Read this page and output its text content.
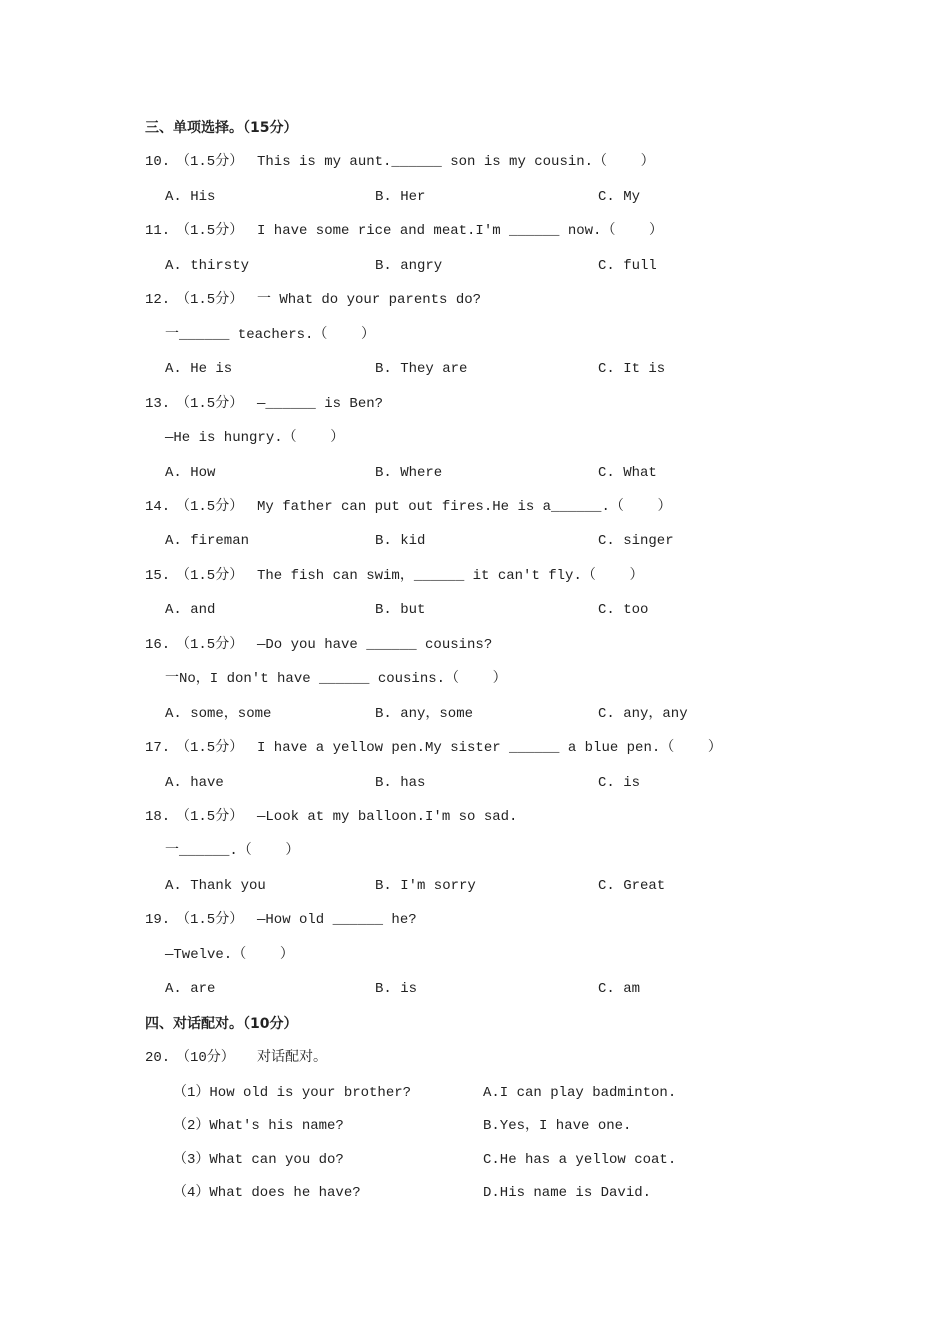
三、单项选择。（15分）
10. （1.5分） This is my aunt.______ son is my cousin.（    ）
A. His	B. Her	C. My
11. （1.5分） I have some rice and meat.I'm ______ now.（    ）
A. thirsty	B. angry	C. full
12. （1.5分） 一 What do your parents do?
一______ teachers.（    ）
A. He is	B. They are	C. It is
13. （1.5分） —______ is Ben?
—He is hungry.（    ）
A. How	B. Where	C. What
14. （1.5分） My father can put out fires.He is a______.（    ）
A. fireman	B. kid	C. singer
15. （1.5分） The fish can swim，______ it can't fly.（    ）
A. and	B. but	C. too
16. （1.5分） —Do you have ______ cousins?
一No，I don't have ______ cousins.（    ）
A. some，some	B. any，some	C. any，any
17. （1.5分） I have a yellow pen.My sister ______ a blue pen.（    ）
A. have	B. has	C. is
18. （1.5分） —Look at my balloon.I'm so sad.
一______.（    ）
A. Thank you	B. I'm sorry	C. Great
19. （1.5分） —How old ______ he?
—Twelve.（    ）
A. are	B. is	C. am
四、对话配对。（10分）
20. （10分） 对话配对。
（1）How old is your brother?	A.I can play badminton.
（2）What's his name?	B.Yes，I have one.
（3）What can you do?	C.He has a yellow coat.
（4）What does he have?	D.His name is David.
